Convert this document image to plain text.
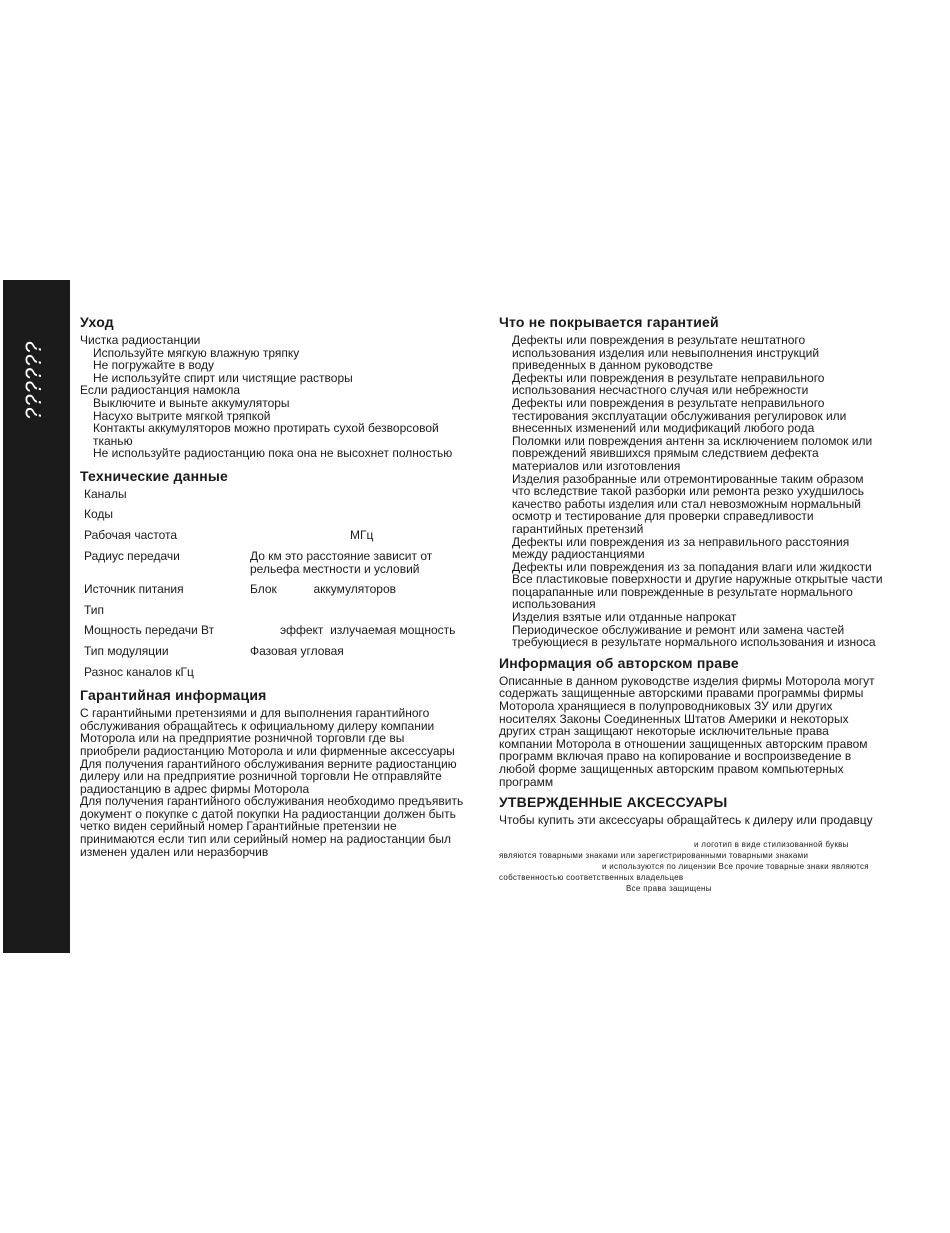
??????
Уход

Чистка радиостанции

Используйте мягкую влажную тряпку

Не погружайте в воду

Не используйте спирт или чистящие растворы

Если радиостанция намокла

Выключите и выньте аккумуляторы

Насухо вытрите мягкой тряпкой

Контакты аккумуляторов можно протирать сухой безворсовой тканью

Не используйте радиостанцию пока она не высохнет полностью

Технические данные
Каналы
Коды
Рабочая частота	МГц
Радиус передачи	До км это расстояние зависит от рельефа местности и условий
Источник питания	Блок           аккумуляторов
Тип
Мощность передачи Вт	эффект  излучаемая мощность
Тип модуляции	Фазовая угловая
Разнос каналов кГц
Гарантийная информация

С гарантийными претензиями и для выполнения гарантийного обслуживания обращайтесь к официальному дилеру компании Моторола или на предприятие розничной торговли где вы приобрели радиостанцию Моторола и или фирменные аксессуары

Для получения гарантийного обслуживания верните радиостанцию дилеру или на предприятие розничной торговли Не отправляйте радиостанцию в адрес фирмы Моторола

Для получения гарантийного обслуживания необходимо предъявить документ о покупке с датой покупки На радиостанции должен быть четко виден серийный номер Гарантийные претензии не принимаются если тип или серийный номер на радиостанции был изменен удален или неразборчив

Что не покрывается гарантией

Дефекты или повреждения в результате нештатного использования изделия или невыполнения инструкций приведенных в данном руководстве

Дефекты или повреждения в результате неправильного использования несчастного случая или небрежности

Дефекты или повреждения в результате неправильного тестирования эксплуатации обслуживания регулировок или внесенных изменений или модификаций любого рода

Поломки или повреждения антенн за исключением поломок или повреждений явившихся прямым следствием дефекта материалов или изготовления

Изделия разобранные или отремонтированные таким образом что вследствие такой разборки или ремонта резко ухудшилось качество работы изделия или стал невозможным нормальный осмотр и тестирование для проверки справедливости гарантийных претензий

Дефекты или повреждения из за неправильного расстояния между радиостанциями

Дефекты или повреждения из за попадания влаги или жидкости

Все пластиковые поверхности и другие наружные открытые части поцарапанные или поврежденные в результате нормального использования

Изделия взятые или отданные напрокат

Периодическое обслуживание и ремонт или замена частей требующиеся в результате нормального использования и износа

Информация об авторском праве

Описанные в данном руководстве изделия фирмы Моторола могут содержать защищенные авторскими правами программы фирмы Моторола хранящиеся в полупроводниковых ЗУ или других носителях Законы Соединенных Штатов Америки и некоторых других стран защищают некоторые исключительные права компании Моторола в отношении защищенных авторским правом программ включая право на копирование и воспроизведение в любой форме защищенных авторским правом компьютерных программ

УТВЕРЖДЕННЫЕ АКСЕССУАРЫ

Чтобы купить эти аксессуары обращайтесь к дилеру или продавцу

и логотип в виде стилизованной буквы

являются товарными знаками или зарегистрированными товарными знаками

и используются по лицензии Все прочие товарные знаки являются

собственностью соответственных владельцев

Все права защищены
